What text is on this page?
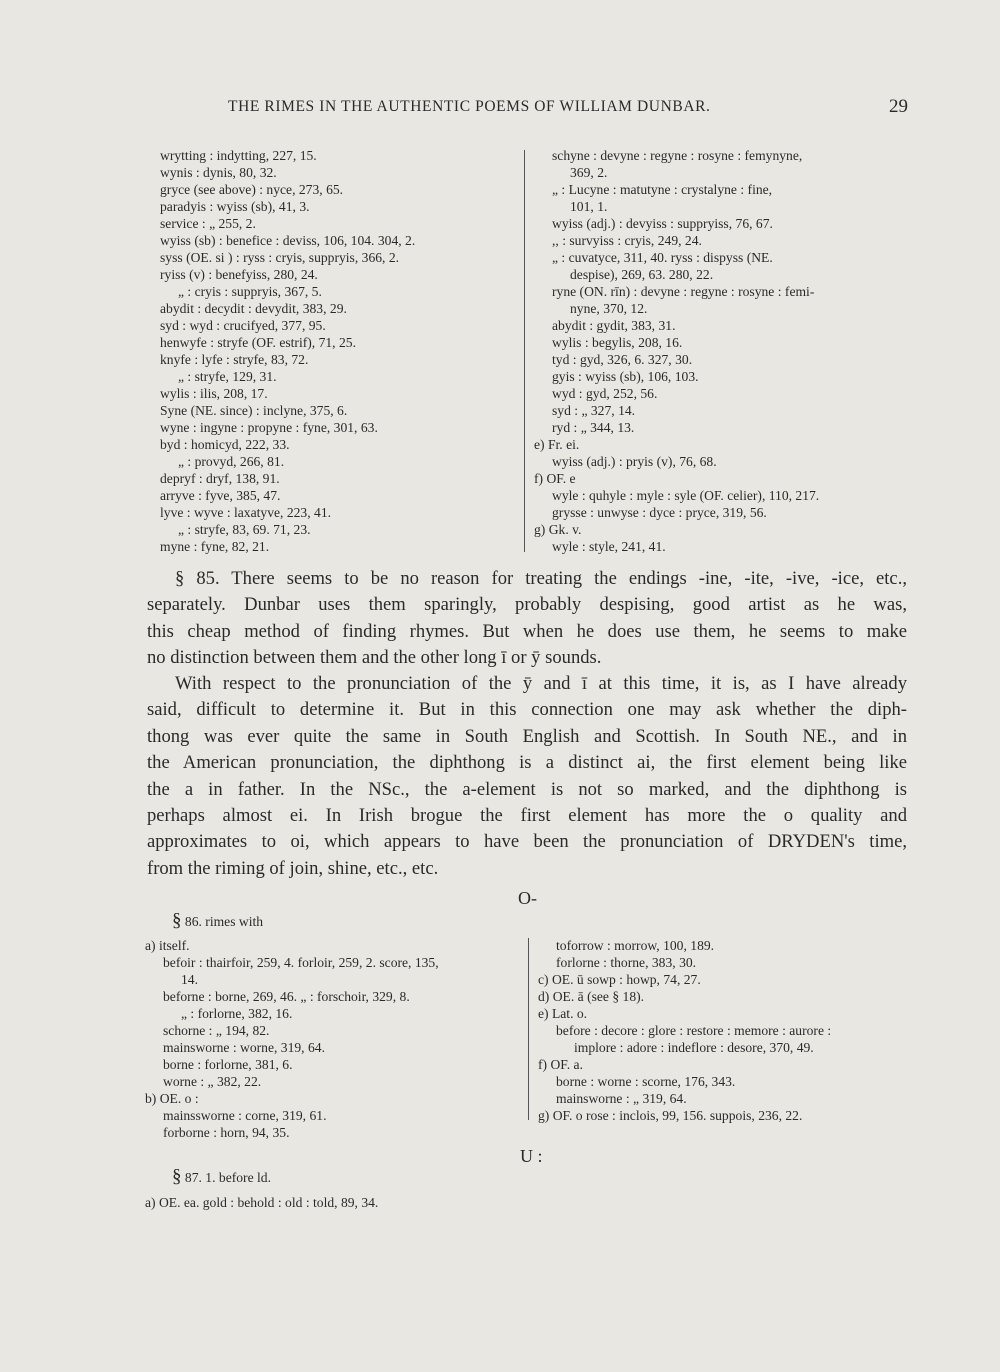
THE RIMES IN THE AUTHENTIC POEMS OF WILLIAM DUNBAR.	29
wrytting : indytting, 227, 15.
wynis : dynis, 80, 32.
gryce (see above) : nyce, 273, 65.
paradyis : wyiss (sb), 41, 3.
service : „ 255, 2.
wyiss (sb) : benefice : deviss, 106, 104. 304, 2.
syss (OE. si ) : ryss : cryis, suppryis, 366, 2.
ryiss (v) : benefyiss, 280, 24.
„ : cryis : suppryis, 367, 5.
abydit : decydit : devydit, 383, 29.
syd : wyd : crucifyed, 377, 95.
henwyfe : stryfe (OF. estrif), 71, 25.
knyfe : lyfe : stryfe, 83, 72.
„ : stryfe, 129, 31.
wylis : ilis, 208, 17.
Syne (NE. since) : inclyne, 375, 6.
wyne : ingyne : propyne : fyne, 301, 63.
byd : homicyd, 222, 33.
„ : provyd, 266, 81.
depryf : dryf, 138, 91.
arryve : fyve, 385, 47.
lyve : wyve : laxatyve, 223, 41.
„ : stryfe, 83, 69. 71, 23.
myne : fyne, 82, 21.
schyne : devyne : regyne : rosyne : femynyne,
369, 2.
„ : Lucyne : matutyne : crystalyne : fine,
101, 1.
wyiss (adj.) : devyiss : suppryiss, 76, 67.
,, : survyiss : cryis, 249, 24.
„ : cuvatyce, 311, 40. ryss : dispyss (NE.
despise), 269, 63. 280, 22.
ryne (ON. rīn) : devyne : regyne : rosyne : femi-
nyne, 370, 12.
abydit : gydit, 383, 31.
wylis : begylis, 208, 16.
tyd : gyd, 326, 6. 327, 30.
gyis : wyiss (sb), 106, 103.
wyd : gyd, 252, 56.
syd : „ 327, 14.
ryd : „ 344, 13.
e) Fr. ei.
wyiss (adj.) : pryis (v), 76, 68.
f) OF. e
wyle : quhyle : myle : syle (OF. celier), 110, 217.
grysse : unwyse : dyce : pryce, 319, 56.
g) Gk. v.
wyle : style, 241, 41.
§ 85. There seems to be no reason for treating the endings -ine, -ite, -ive, -ice, etc.,
separately. Dunbar uses them sparingly, probably despising, good artist as he was,
this cheap method of finding rhymes. But when he does use them, he seems to make
no distinction between them and the other long ī or ȳ sounds.
With respect to the pronunciation of the ȳ and ī at this time, it is, as I have already
said, difficult to determine it. But in this connection one may ask whether the diph-
thong was ever quite the same in South English and Scottish. In South NE., and in
the American pronunciation, the diphthong is a distinct ai, the first element being like
the a in father. In the NSc., the a-element is not so marked, and the diphthong is
perhaps almost ei. In Irish brogue the first element has more the o quality and
approximates to oi, which appears to have been the pronunciation of DRYDEN's time,
from the riming of join, shine, etc., etc.
O-
§ 86. rimes with
a) itself.
befoir : thairfoir, 259, 4. forloir, 259, 2. score, 135,
14.
beforne : borne, 269, 46. „ : forschoir, 329, 8.
„ : forlorne, 382, 16.
schorne : „ 194, 82.
mainsworne : worne, 319, 64.
borne : forlorne, 381, 6.
worne : „ 382, 22.
b) OE. o :
mainssworne : corne, 319, 61.
forborne : horn, 94, 35.
toforrow : morrow, 100, 189.
forlorne : thorne, 383, 30.
c) OE. ū sowp : howp, 74, 27.
d) OE. ā (see § 18).
e) Lat. o.
before : decore : glore : restore : memore : aurore :
implore : adore : indeflore : desore, 370, 49.
f) OF. a.
borne : worne : scorne, 176, 343.
mainsworne : „ 319, 64.
g) OF. o rose : inclois, 99, 156. suppois, 236, 22.
U :
§ 87. 1. before ld.
a) OE. ea. gold : behold : old : told, 89, 34.
